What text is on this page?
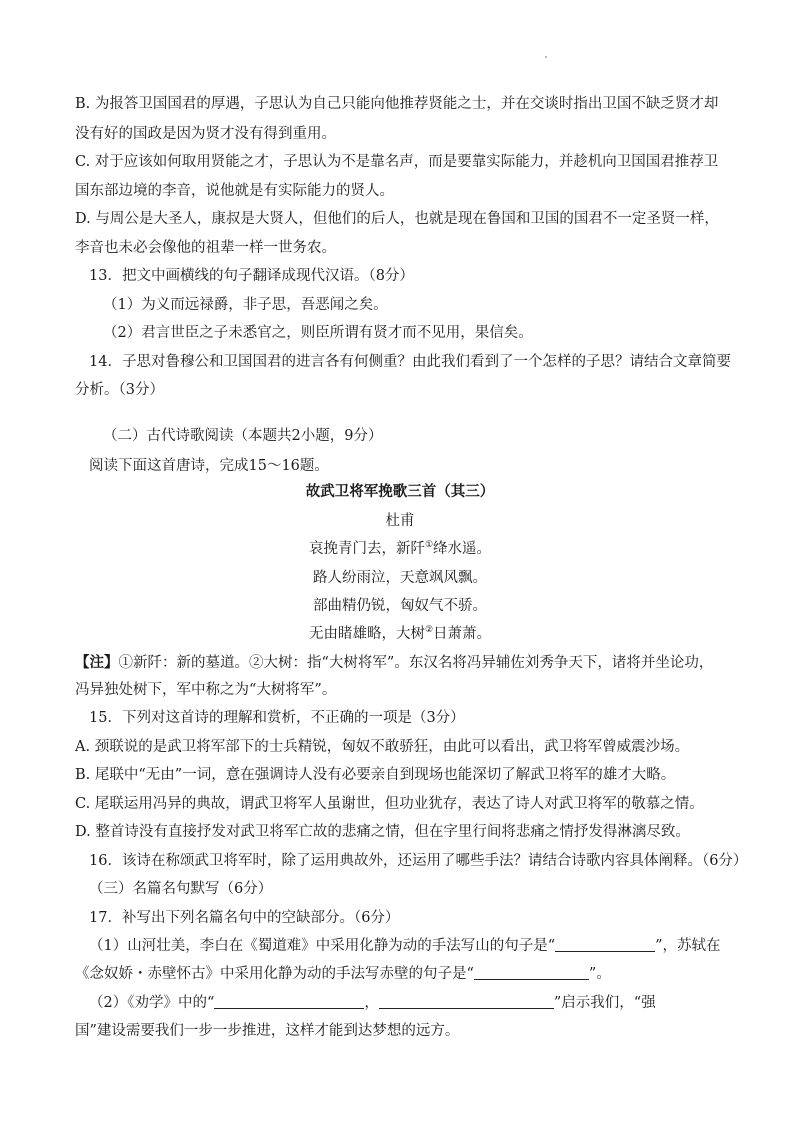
B. 为报答卫国国君的厚遇，子思认为自己只能向他推荐贤能之士，并在交谈时指出卫国不缺乏贤才却
没有好的国政是因为贤才没有得到重用。
C. 对于应该如何取用贤能之才，子思认为不是靠名声，而是要靠实际能力，并趁机向卫国国君推荐卫
国东部边境的李音，说他就是有实际能力的贤人。
D. 与周公是大圣人，康叔是大贤人，但他们的后人，也就是现在鲁国和卫国的国君不一定圣贤一样，
李音也未必会像他的祖辈一样一世务农。
13．把文中画横线的句子翻译成现代汉语。（8分）
（1）为义而远禄爵，非子思，吾恶闻之矣。
（2）君言世臣之子未悉官之，则臣所谓有贤才而不见用，果信矣。
14．子思对鲁穆公和卫国国君的进言各有何侧重？由此我们看到了一个怎样的子思？请结合文章简要
分析。（3分）
（二）古代诗歌阅读（本题共2小题，9分）
阅读下面这首唐诗，完成15～16题。
故武卫将军挽歌三首（其三）
杜甫
哀挽青门去，新阡①绛水遥。
路人纷雨泣，天意飒风飘。
部曲精仍锐，匈奴气不骄。
无由睹雄略，大树②日萧萧。
【注】①新阡：新的墓道。②大树：指“大树将军”。东汉名将冯异辅佐刘秀争天下，诸将并坐论功，
冯异独处树下，军中称之为“大树将军”。
15．下列对这首诗的理解和赏析，不正确的一项是（3分）
A. 颈联说的是武卫将军部下的士兵精锐，匈奴不敢骄狂，由此可以看出，武卫将军曾威震沙场。
B. 尾联中“无由”一词，意在强调诗人没有必要亲自到现场也能深切了解武卫将军的雄才大略。
C. 尾联运用冯异的典故，谓武卫将军人虽谢世，但功业犹存，表达了诗人对武卫将军的敬慕之情。
D. 整首诗没有直接抒发对武卫将军亡故的悲痛之情，但在字里行间将悲痛之情抒发得淋漓尽致。
16．该诗在称颂武卫将军时，除了运用典故外，还运用了哪些手法？请结合诗歌内容具体阐释。（6分）
（三）名篇名句默写（6分）
17．补写出下列名篇名句中的空缺部分。（6分）
（1）山河壮美，李白在《蜀道难》中采用化静为动的手法写山的句子是“	”，苏轼在
《念奴娇・赤壁怀古》中采用化静为动的手法写赤壁的句子是“	”。
（2）《劝学》中的“	，	”启示我们，“强
国”建设需要我们一步一步推进，这样才能到达梦想的远方。
